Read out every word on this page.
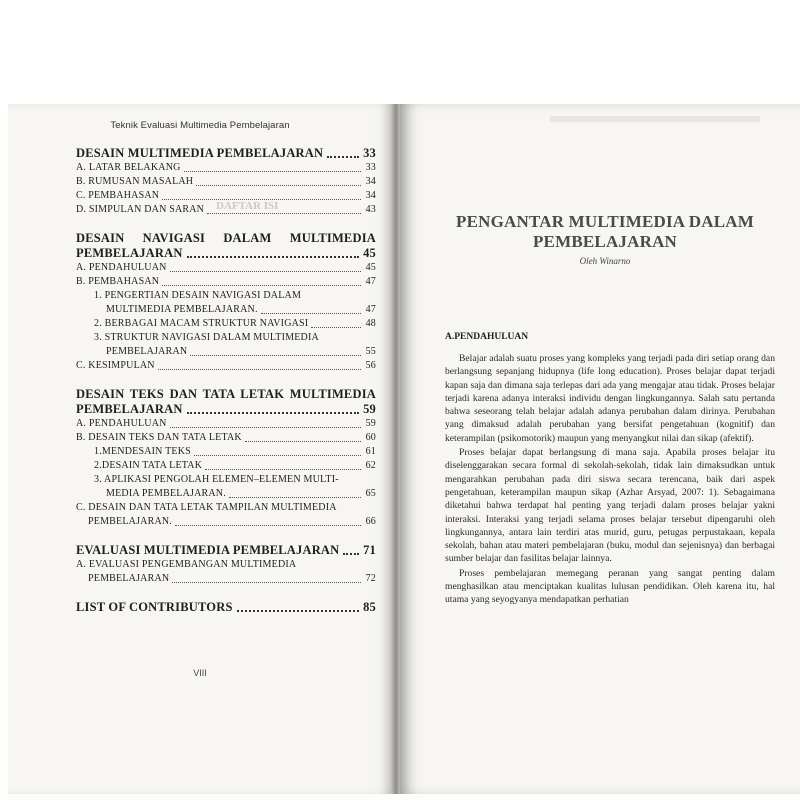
Teknik Evaluasi Multimedia Pembelajaran
DAFTAR ISI
DESAIN MULTIMEDIA PEMBELAJARAN	33
A. LATAR BELAKANG	33
B. RUMUSAN MASALAH	34
C. PEMBAHASAN	34
D. SIMPULAN DAN SARAN	43
DESAIN NAVIGASI DALAM MULTIMEDIA
PEMBELAJARAN	45
A. PENDAHULUAN	45
B. PEMBAHASAN	47
1. PENGERTIAN DESAIN NAVIGASI DALAM
MULTIMEDIA PEMBELAJARAN.	47
2. BERBAGAI MACAM STRUKTUR NAVIGASI	48
3. STRUKTUR NAVIGASI DALAM MULTIMEDIA
PEMBELAJARAN	55
C. KESIMPULAN	56
DESAIN TEKS DAN TATA LETAK MULTIMEDIA
PEMBELAJARAN	59
A. PENDAHULUAN	59
B. DESAIN TEKS DAN TATA LETAK	60
1.MENDESAIN TEKS	61
2.DESAIN TATA LETAK	62
3. APLIKASI PENGOLAH ELEMEN–ELEMEN MULTI-
MEDIA PEMBELAJARAN.	65
C. DESAIN DAN TATA LETAK TAMPILAN MULTIMEDIA
PEMBELAJARAN.	66
EVALUASI MULTIMEDIA PEMBELAJARAN 71
A. EVALUASI PENGEMBANGAN MULTIMEDIA
PEMBELAJARAN	72
LIST OF CONTRIBUTORS	85
VIII
PENGANTAR MULTIMEDIA DALAM
PEMBELAJARAN
Oleh Winarno
A.PENDAHULUAN

Belajar adalah suatu proses yang kompleks yang terjadi pada diri setiap orang dan berlangsung sepanjang hidupnya (life long education). Proses belajar dapat terjadi kapan saja dan dimana saja terlepas dari ada yang mengajar atau tidak. Proses belajar terjadi karena adanya interaksi individu dengan lingkungannya. Salah satu pertanda bahwa seseorang telah belajar adalah adanya perubahan dalam dirinya. Perubahan yang dimaksud adalah perubahan yang bersifat pengetahuan (kognitif) dan keterampilan (psikomotorik) maupun yang menyangkut nilai dan sikap (afektif).

Proses belajar dapat berlangsung di mana saja. Apabila proses belajar itu diselenggarakan secara formal di sekolah-sekolah, tidak lain dimaksudkan untuk mengarahkan perubahan pada diri siswa secara terencana, baik dari aspek pengetahuan, keterampilan maupun sikap (Azhar Arsyad, 2007: 1). Sebagaimana diketahui bahwa terdapat hal penting yang terjadi dalam proses belajar yakni interaksi. Interaksi yang terjadi selama proses belajar tersebut dipengaruhi oleh lingkungannya, antara lain terdiri atas murid, guru, petugas perpustakaan, kepala sekolah, bahan atau materi pembelajaran (buku, modul dan sejenisnya) dan berbagai sumber belajar dan fasilitas belajar lainnya.

Proses pembelajaran memegang peranan yang sangat penting dalam menghasilkan atau menciptakan kualitas lulusan pendidikan. Oleh karena itu, hal utama yang seyogyanya mendapatkan perhatian
